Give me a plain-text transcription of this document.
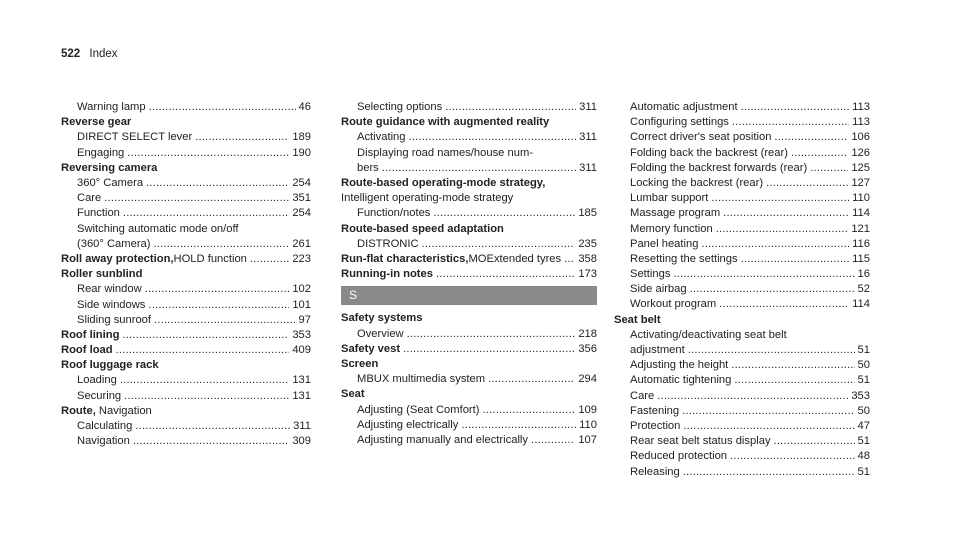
522 Index
Warning lamp .....	46
Reverse gear
DIRECT SELECT lever .....	189
Engaging .....	190
Reversing camera
360° Camera .....	254
Care .....	351
Function .....	254
Switching automatic mode on/off
(360° Camera) .....	261
Roll away protection, HOLD function .....	223
Roller sunblind
Rear window .....	102
Side windows .....	101
Sliding sunroof .....	97
Roof lining .....	353
Roof load .....	409
Roof luggage rack
Loading .....	131
Securing .....	131
Route, Navigation
Calculating .....	311
Navigation .....	309
Selecting options .....	311
Route guidance with augmented reality
Activating .....	311
Displaying road names/house num-
bers .....	311
Route-based operating-mode strategy,
Intelligent operating-mode strategy
Function/notes .....	185
Route-based speed adaptation
DISTRONIC .....	235
Run-flat characteristics, MOExtended tyres ..... 358
Running-in notes .....	173
S
Safety systems
Overview .....	218
Safety vest .....	356
Screen
MBUX multimedia system .....	294
Seat
Adjusting (Seat Comfort) .....	109
Adjusting electrically .....	110
Adjusting manually and electrically .....	107
Automatic adjustment .....	113
Configuring settings .....	113
Correct driver's seat position .....	106
Folding back the backrest (rear) .....	126
Folding the backrest forwards (rear) .....	125
Locking the backrest (rear) .....	127
Lumbar support .....	110
Massage program .....	114
Memory function .....	121
Panel heating .....	116
Resetting the settings .....	115
Settings .....	16
Side airbag .....	52
Workout program .....	114
Seat belt
Activating/deactivating seat belt
adjustment .....	51
Adjusting the height .....	50
Automatic tightening .....	51
Care .....	353
Fastening .....	50
Protection .....	47
Rear seat belt status display .....	51
Reduced protection .....	48
Releasing .....	51
